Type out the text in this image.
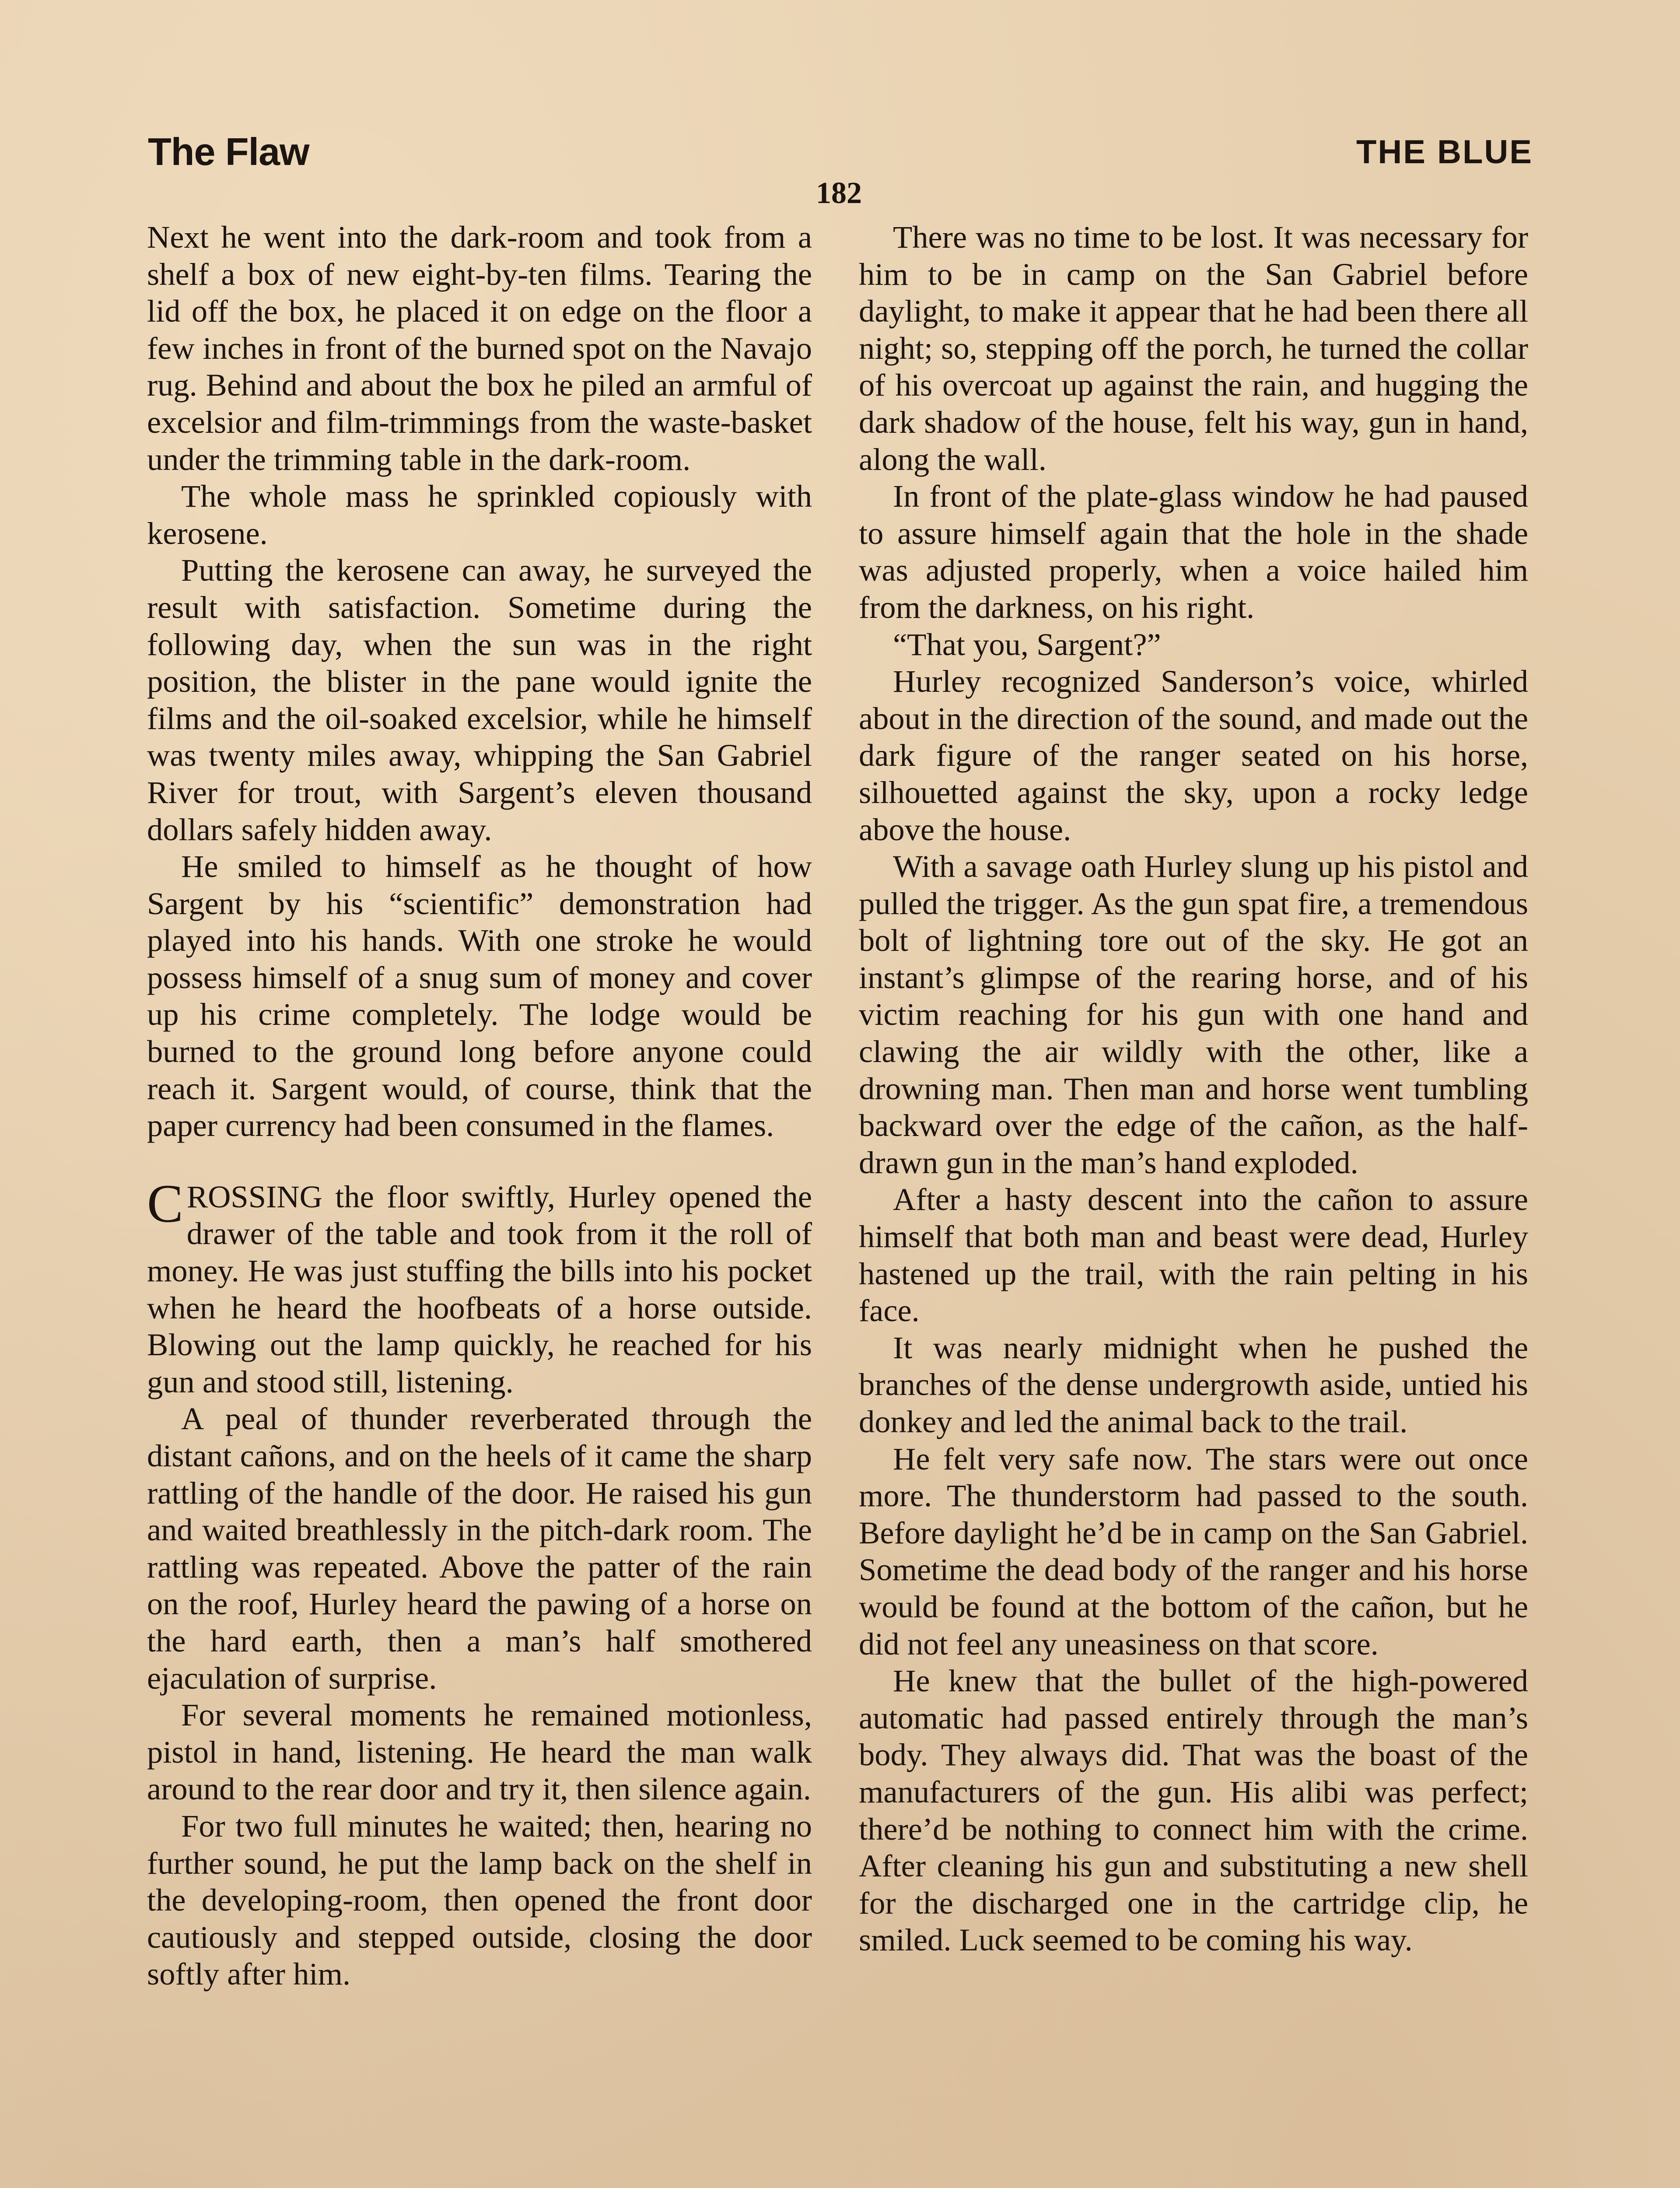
The Flaw	THE BLUE
182

Next he went into the dark-room and took from a shelf a box of new eight-by-ten films. Tearing the lid off the box, he placed it on edge on the floor a few inches in front of the burned spot on the Navajo rug. Behind and about the box he piled an armful of excelsior and film-trimmings from the waste-basket under the trimming table in the dark-room.

The whole mass he sprinkled copiously with kerosene.

Putting the kerosene can away, he surveyed the result with satisfaction. Sometime during the following day, when the sun was in the right position, the blister in the pane would ignite the films and the oil-soaked excelsior, while he himself was twenty miles away, whipping the San Gabriel River for trout, with Sargent’s eleven thousand dollars safely hidden away.

He smiled to himself as he thought of how Sargent by his “scientific” demonstration had played into his hands. With one stroke he would possess himself of a snug sum of money and cover up his crime completely. The lodge would be burned to the ground long before anyone could reach it. Sargent would, of course, think that the paper currency had been consumed in the flames.

CROSSING the floor swiftly, Hurley opened the drawer of the table and took from it the roll of money. He was just stuffing the bills into his pocket when he heard the hoofbeats of a horse outside. Blowing out the lamp quickly, he reached for his gun and stood still, listening.

A peal of thunder reverberated through the distant cañons, and on the heels of it came the sharp rattling of the handle of the door. He raised his gun and waited breathlessly in the pitch-dark room. The rattling was repeated. Above the patter of the rain on the roof, Hurley heard the pawing of a horse on the hard earth, then a man’s half smothered ejaculation of surprise.

For several moments he remained motionless, pistol in hand, listening. He heard the man walk around to the rear door and try it, then silence again.

For two full minutes he waited; then, hearing no further sound, he put the lamp back on the shelf in the developing-room, then opened the front door cautiously and stepped outside, closing the door softly after him.

There was no time to be lost. It was necessary for him to be in camp on the San Gabriel before daylight, to make it appear that he had been there all night; so, stepping off the porch, he turned the collar of his overcoat up against the rain, and hugging the dark shadow of the house, felt his way, gun in hand, along the wall.

In front of the plate-glass window he had paused to assure himself again that the hole in the shade was adjusted properly, when a voice hailed him from the darkness, on his right.

“That you, Sargent?”

Hurley recognized Sanderson’s voice, whirled about in the direction of the sound, and made out the dark figure of the ranger seated on his horse, silhouetted against the sky, upon a rocky ledge above the house.

With a savage oath Hurley slung up his pistol and pulled the trigger. As the gun spat fire, a tremendous bolt of lightning tore out of the sky. He got an instant’s glimpse of the rearing horse, and of his victim reaching for his gun with one hand and clawing the air wildly with the other, like a drowning man. Then man and horse went tumbling backward over the edge of the cañon, as the half-drawn gun in the man’s hand exploded.

After a hasty descent into the cañon to assure himself that both man and beast were dead, Hurley hastened up the trail, with the rain pelting in his face.

It was nearly midnight when he pushed the branches of the dense undergrowth aside, untied his donkey and led the animal back to the trail.

He felt very safe now. The stars were out once more. The thunderstorm had passed to the south. Before daylight he’d be in camp on the San Gabriel. Sometime the dead body of the ranger and his horse would be found at the bottom of the cañon, but he did not feel any uneasiness on that score.

He knew that the bullet of the high-powered automatic had passed entirely through the man’s body. They always did. That was the boast of the manufacturers of the gun. His alibi was perfect; there’d be nothing to connect him with the crime. After cleaning his gun and substituting a new shell for the discharged one in the cartridge clip, he smiled. Luck seemed to be coming his way.
